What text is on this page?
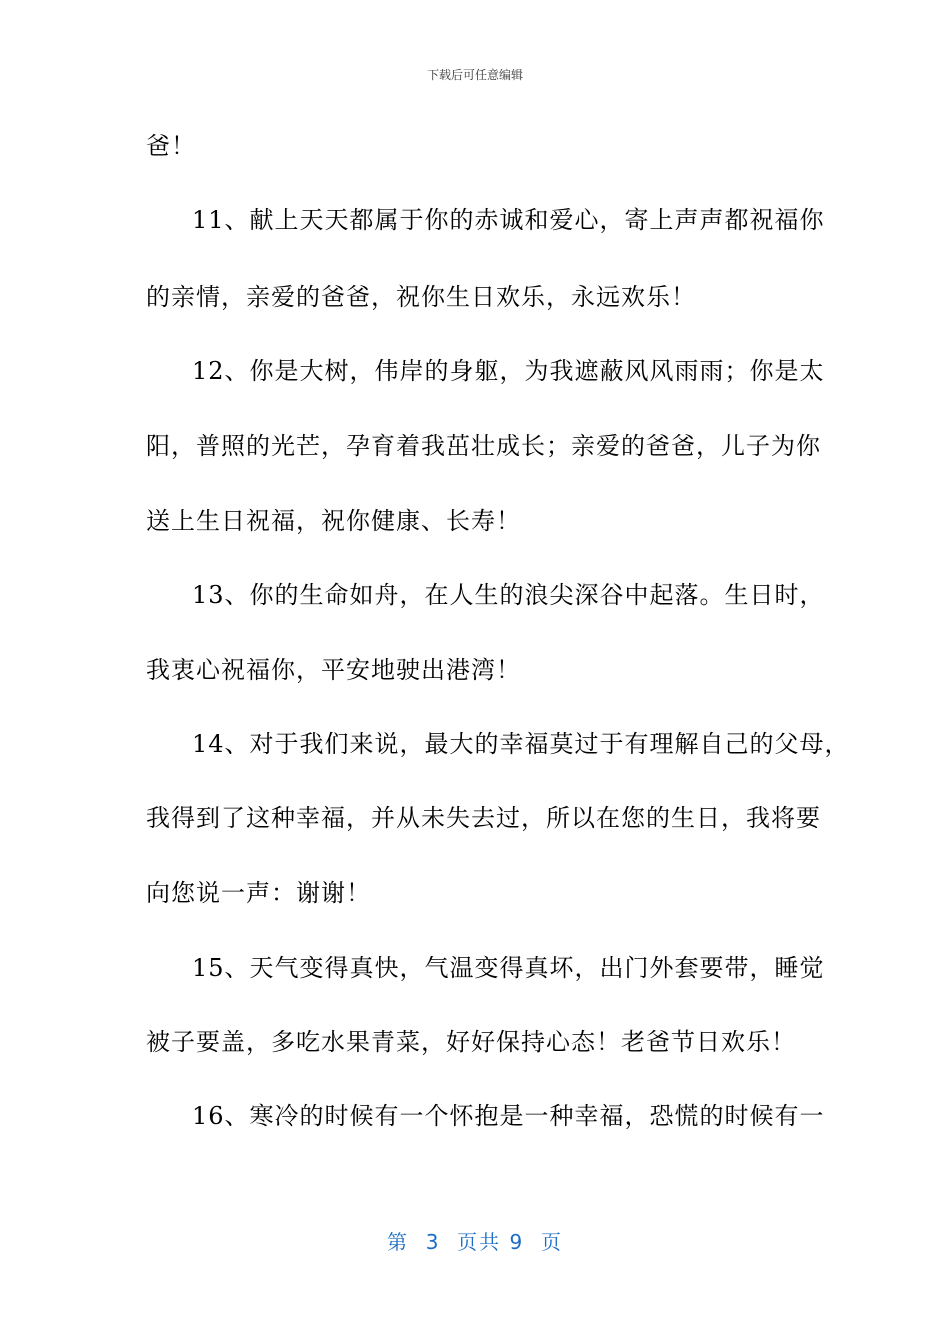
下载后可任意编辑
爸！
11、献上天天都属于你的赤诚和爱心，寄上声声都祝福你
的亲情，亲爱的爸爸，祝你生日欢乐，永远欢乐！
12、你是大树，伟岸的身躯，为我遮蔽风风雨雨；你是太
阳，普照的光芒，孕育着我茁壮成长；亲爱的爸爸，儿子为你
送上生日祝福，祝你健康、长寿！
13、你的生命如舟，在人生的浪尖深谷中起落。生日时，
我衷心祝福你，平安地驶出港湾！
14、对于我们来说，最大的幸福莫过于有理解自己的父母，
我得到了这种幸福，并从未失去过，所以在您的生日，我将要
向您说一声：谢谢！
15、天气变得真快，气温变得真坏，出门外套要带，睡觉
被子要盖，多吃水果青菜，好好保持心态！老爸节日欢乐！
16、寒冷的时候有一个怀抱是一种幸福，恐慌的时候有一
第  3  页共 9  页
